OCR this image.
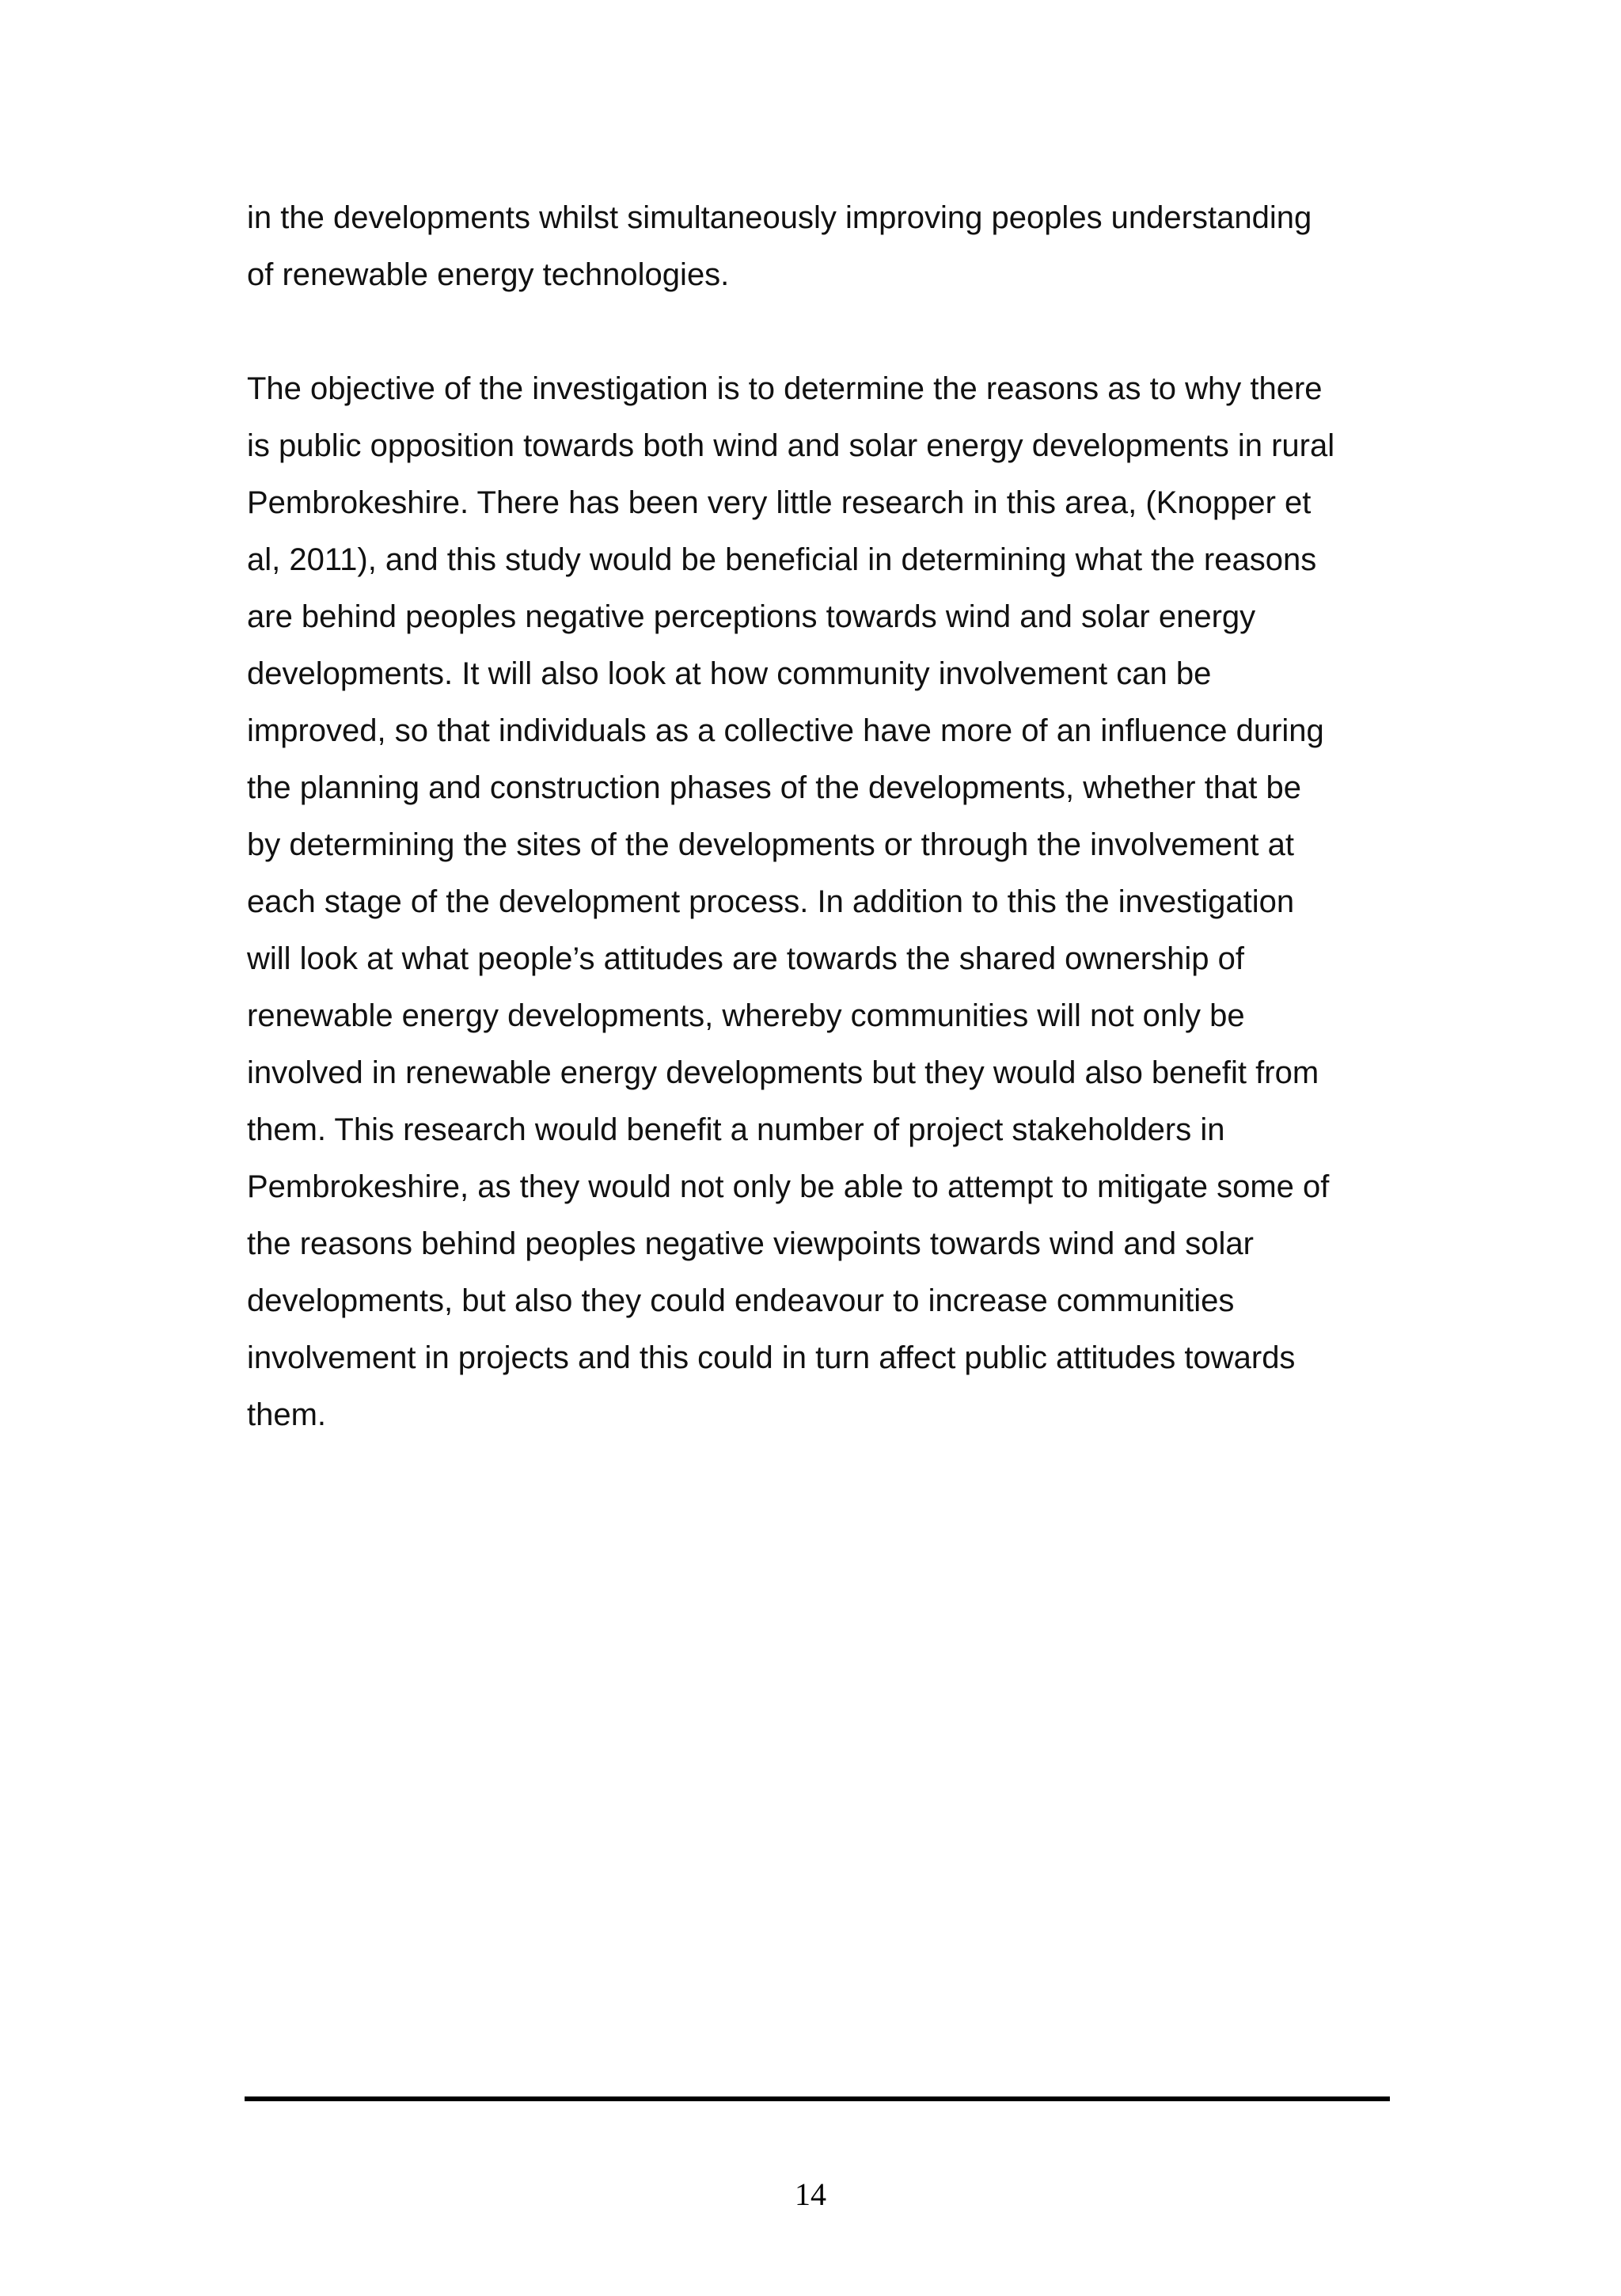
in the developments whilst simultaneously improving peoples understanding
of renewable energy technologies.

The objective of the investigation is to determine the reasons as to why there
is public opposition towards both wind and solar energy developments in rural
Pembrokeshire. There has been very little research in this area, (Knopper et
al, 2011), and this study would be beneficial in determining what the reasons
are behind peoples negative perceptions towards wind and solar energy
developments. It will also look at how community involvement can be
improved, so that individuals as a collective have more of an influence during
the planning and construction phases of the developments, whether that be
by determining the sites of the developments or through the involvement at
each stage of the development process. In addition to this the investigation
will look at what people’s attitudes are towards the shared ownership of
renewable energy developments, whereby communities will not only be
involved in renewable energy developments but they would also benefit from
them. This research would benefit a number of project stakeholders in
Pembrokeshire, as they would not only be able to attempt to mitigate some of
the reasons behind peoples negative viewpoints towards wind and solar
developments, but also they could endeavour to increase communities
involvement in projects and this could in turn affect public attitudes towards
them.

14
